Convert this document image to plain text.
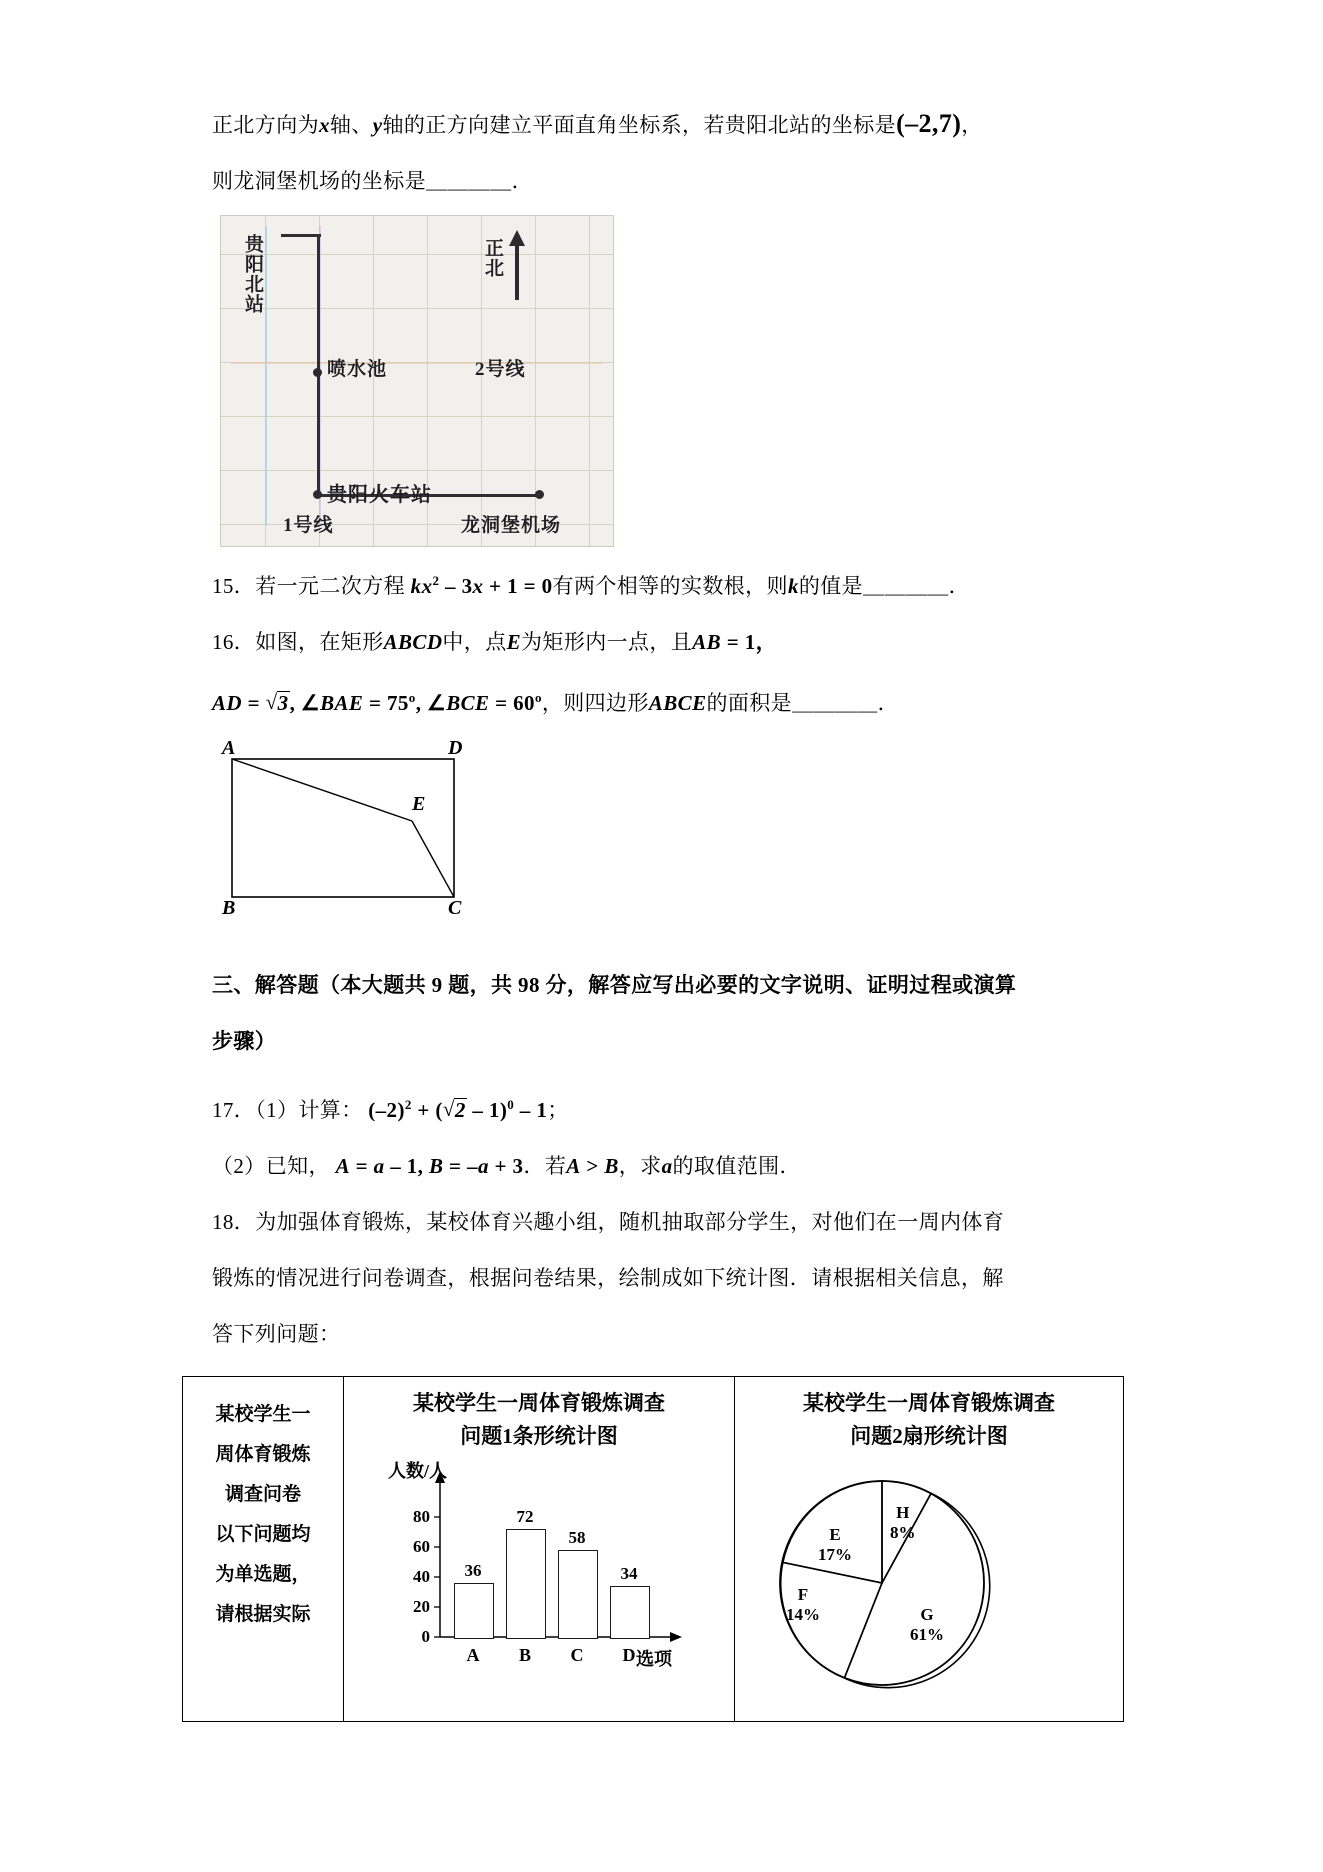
正北方向为x轴、y轴的正方向建立平面直角坐标系，若贵阳北站的坐标是(–2,7)，
则龙洞堡机场的坐标是＿＿＿＿．
贵阳北站	正北
喷水池	2号线
贵阳火车站
1号线	龙洞堡机场
15．若一元二次方程 $kx^2 - 3x + 1 = 0$有两个相等的实数根，则k的值是＿＿＿＿．
16．如图，在矩形ABCD中，点E为矩形内一点，且AB = 1，
AD = √ 3, ∠BAE = $75^o$, ∠BCE = $60^o$，则四边形ABCE的面积是＿＿＿＿．
A	D
B	C
E
三、解答题（本大题共 9 题，共 98 分，解答应写出必要的文字说明、证明过程或演算
步骤）
17．（1）计算： $(-2)^2$ + ( √ 2 – 1)$^0$ – 1；
（2）已知， A = a – 1, B = –a + 3．若A > B，求a的取值范围．
18．为加强体育锻炼，某校体育兴趣小组，随机抽取部分学生，对他们在一周内体育
锻炼的情况进行问卷调查，根据问卷结果，绘制成如下统计图．请根据相关信息，解
答下列问题：
某校学生一
周体育锻炼
调查问卷
以下问题均
为单选题，
请根据实际
某校学生一周体育锻炼调查
问题1条形统计图
人数/人
选项
0
20
40
60
80
36
72
58
34
A	B	C	D
某校学生一周体育锻炼调查
问题2扇形统计图
H
8%
E
17%
F
14%	G
61%
